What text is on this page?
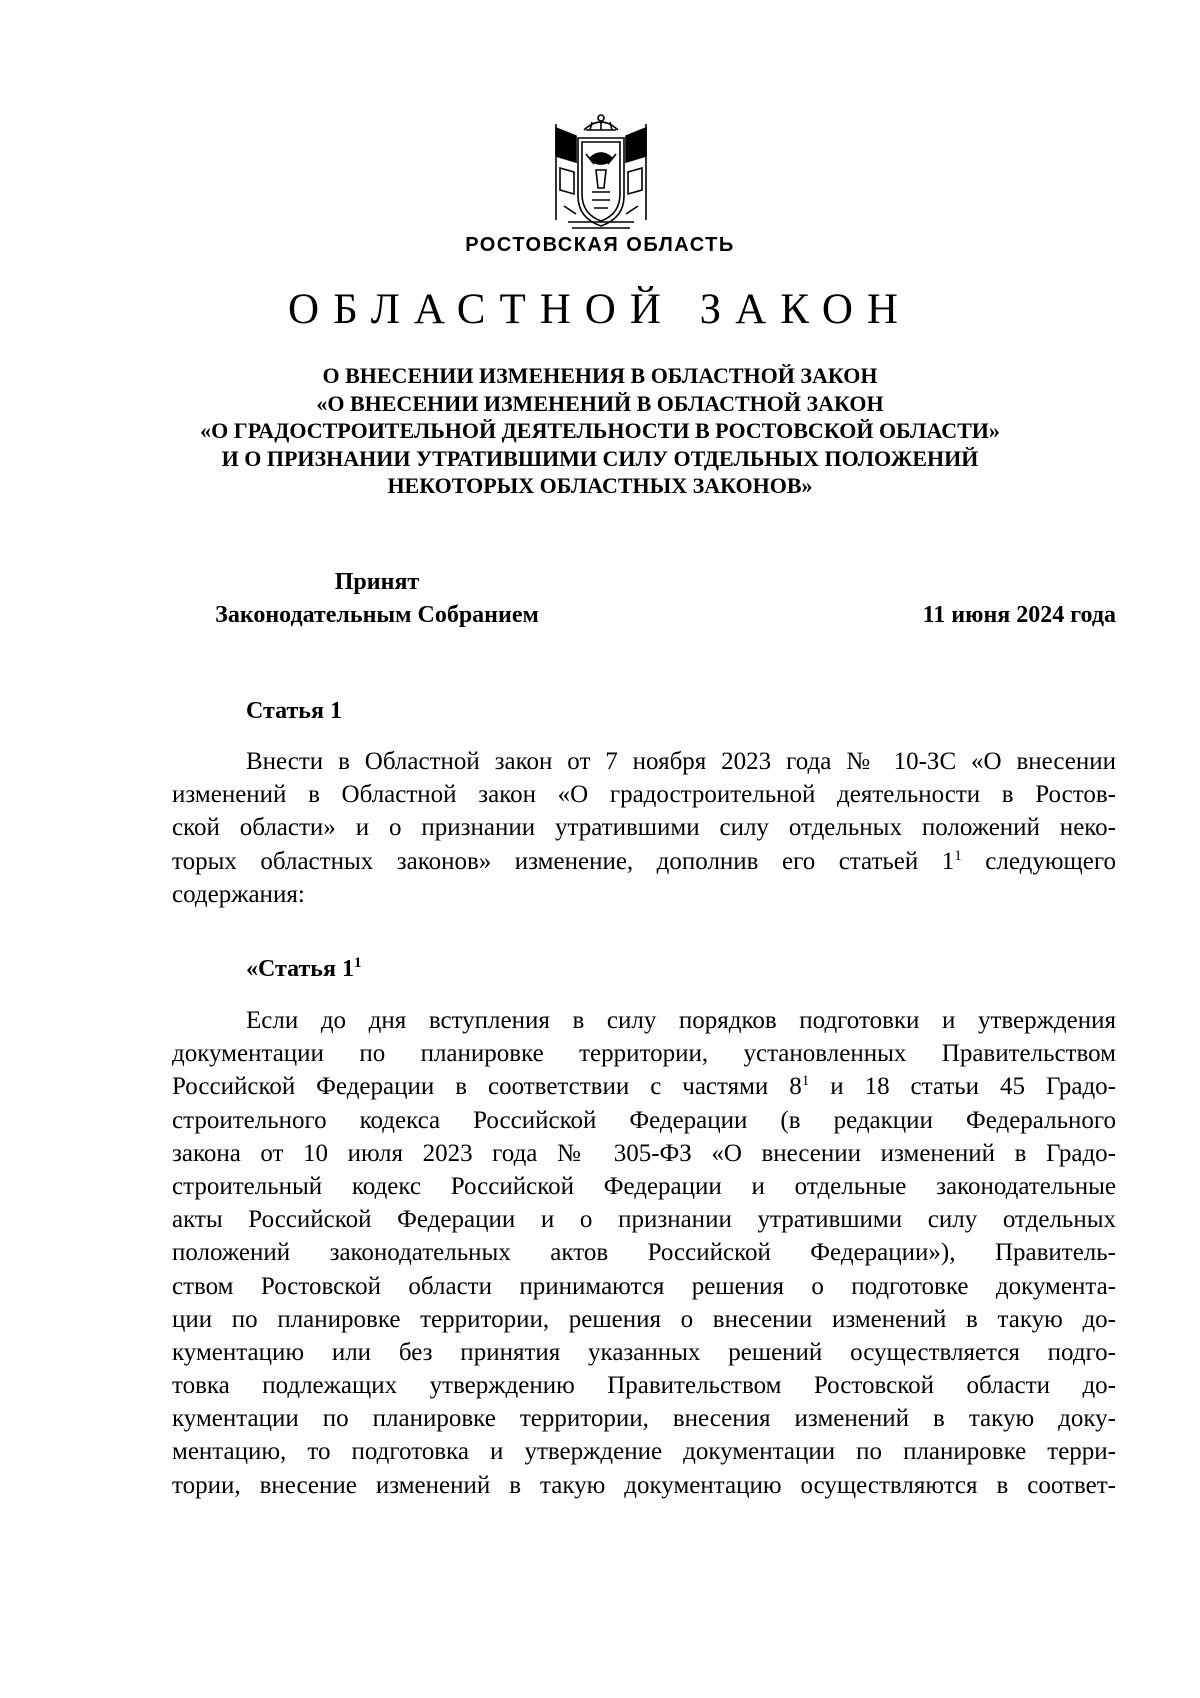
РОСТОВСКАЯ ОБЛАСТЬ
ОБЛАСТНОЙ ЗАКОН
О ВНЕСЕНИИ ИЗМЕНЕНИЯ В ОБЛАСТНОЙ ЗАКОН
«О ВНЕСЕНИИ ИЗМЕНЕНИЙ В ОБЛАСТНОЙ ЗАКОН
«О ГРАДОСТРОИТЕЛЬНОЙ ДЕЯТЕЛЬНОСТИ В РОСТОВСКОЙ ОБЛАСТИ»
И О ПРИЗНАНИИ УТРАТИВШИМИ СИЛУ ОТДЕЛЬНЫХ ПОЛОЖЕНИЙ
НЕКОТОРЫХ ОБЛАСТНЫХ ЗАКОНОВ»
Принят
Законодательным Собранием	11 июня 2024 года
Статья 1
Внести в Областной закон от 7 ноября 2023 года № 10-ЗС «О внесении
изменений в Областной закон «О градостроительной деятельности в Ростов-
ской области» и о признании утратившими силу отдельных положений неко-
торых областных законов» изменение, дополнив его статьей $1^1$ следующего
содержания:
«Статья $1^1$
Если до дня вступления в силу порядков подготовки и утверждения
документации по планировке территории, установленных Правительством
Российской Федерации в соответствии с частями $8^1$ и 18 статьи 45 Градо-
строительного кодекса Российской Федерации (в редакции Федерального
закона от 10 июля 2023 года № 305-ФЗ «О внесении изменений в Градо-
строительный кодекс Российской Федерации и отдельные законодательные
акты Российской Федерации и о признании утратившими силу отдельных
положений законодательных актов Российской Федерации»), Правитель-
ством Ростовской области принимаются решения о подготовке документа-
ции по планировке территории, решения о внесении изменений в такую до-
кументацию или без принятия указанных решений осуществляется подго-
товка подлежащих утверждению Правительством Ростовской области до-
кументации по планировке территории, внесения изменений в такую доку-
ментацию, то подготовка и утверждение документации по планировке терри-
тории, внесение изменений в такую документацию осуществляются в соответ-
